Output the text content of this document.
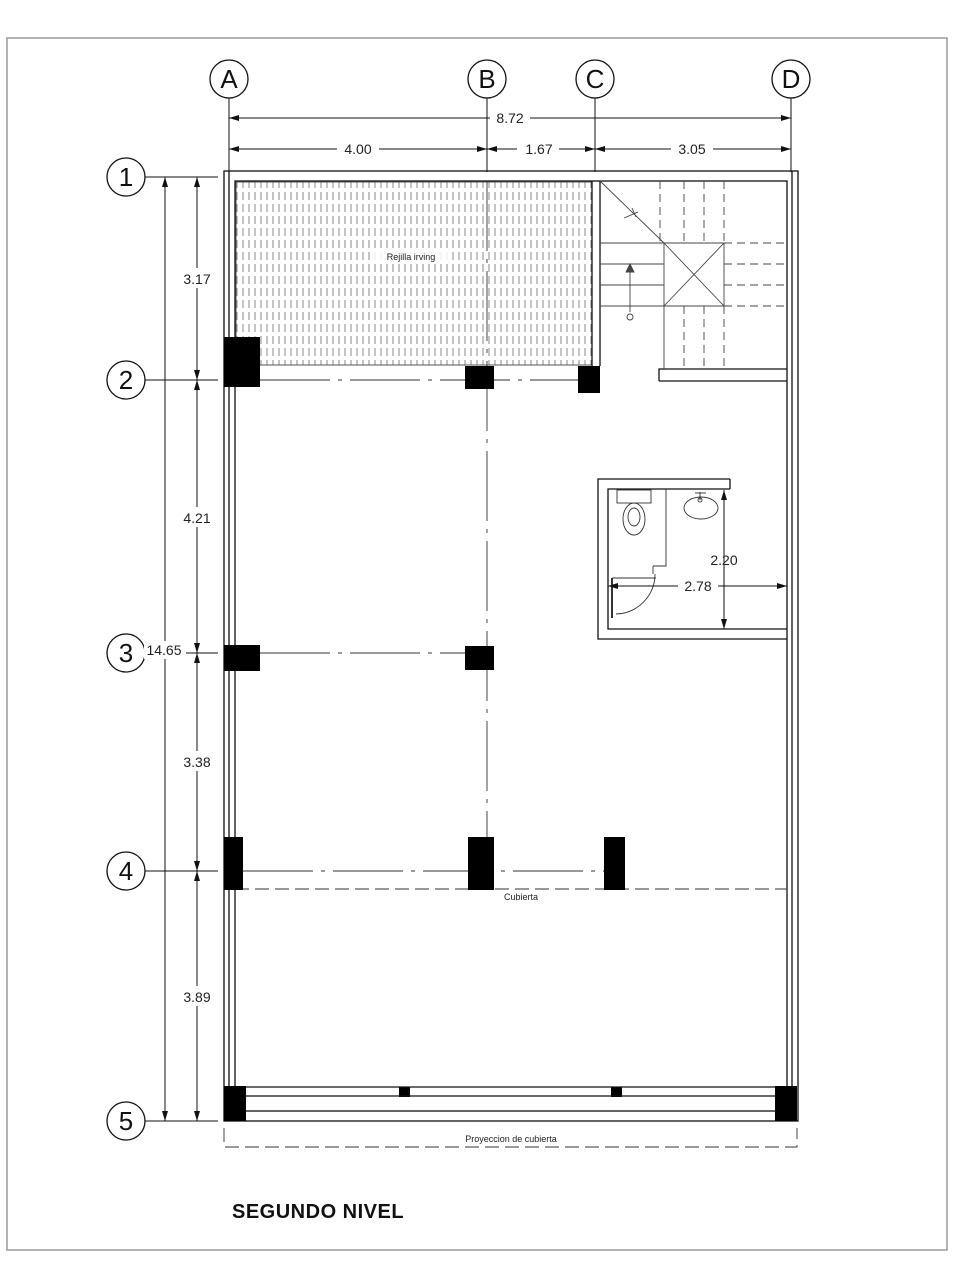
A	B	C	D
8.72
4.00	1.67	3.05
1
2
3
4
5
3.17
4.21
3.38
3.89
14.65
Rejilla irving
Cubierta
Proyeccion de cubierta
2.78
2.20
SEGUNDO NIVEL
